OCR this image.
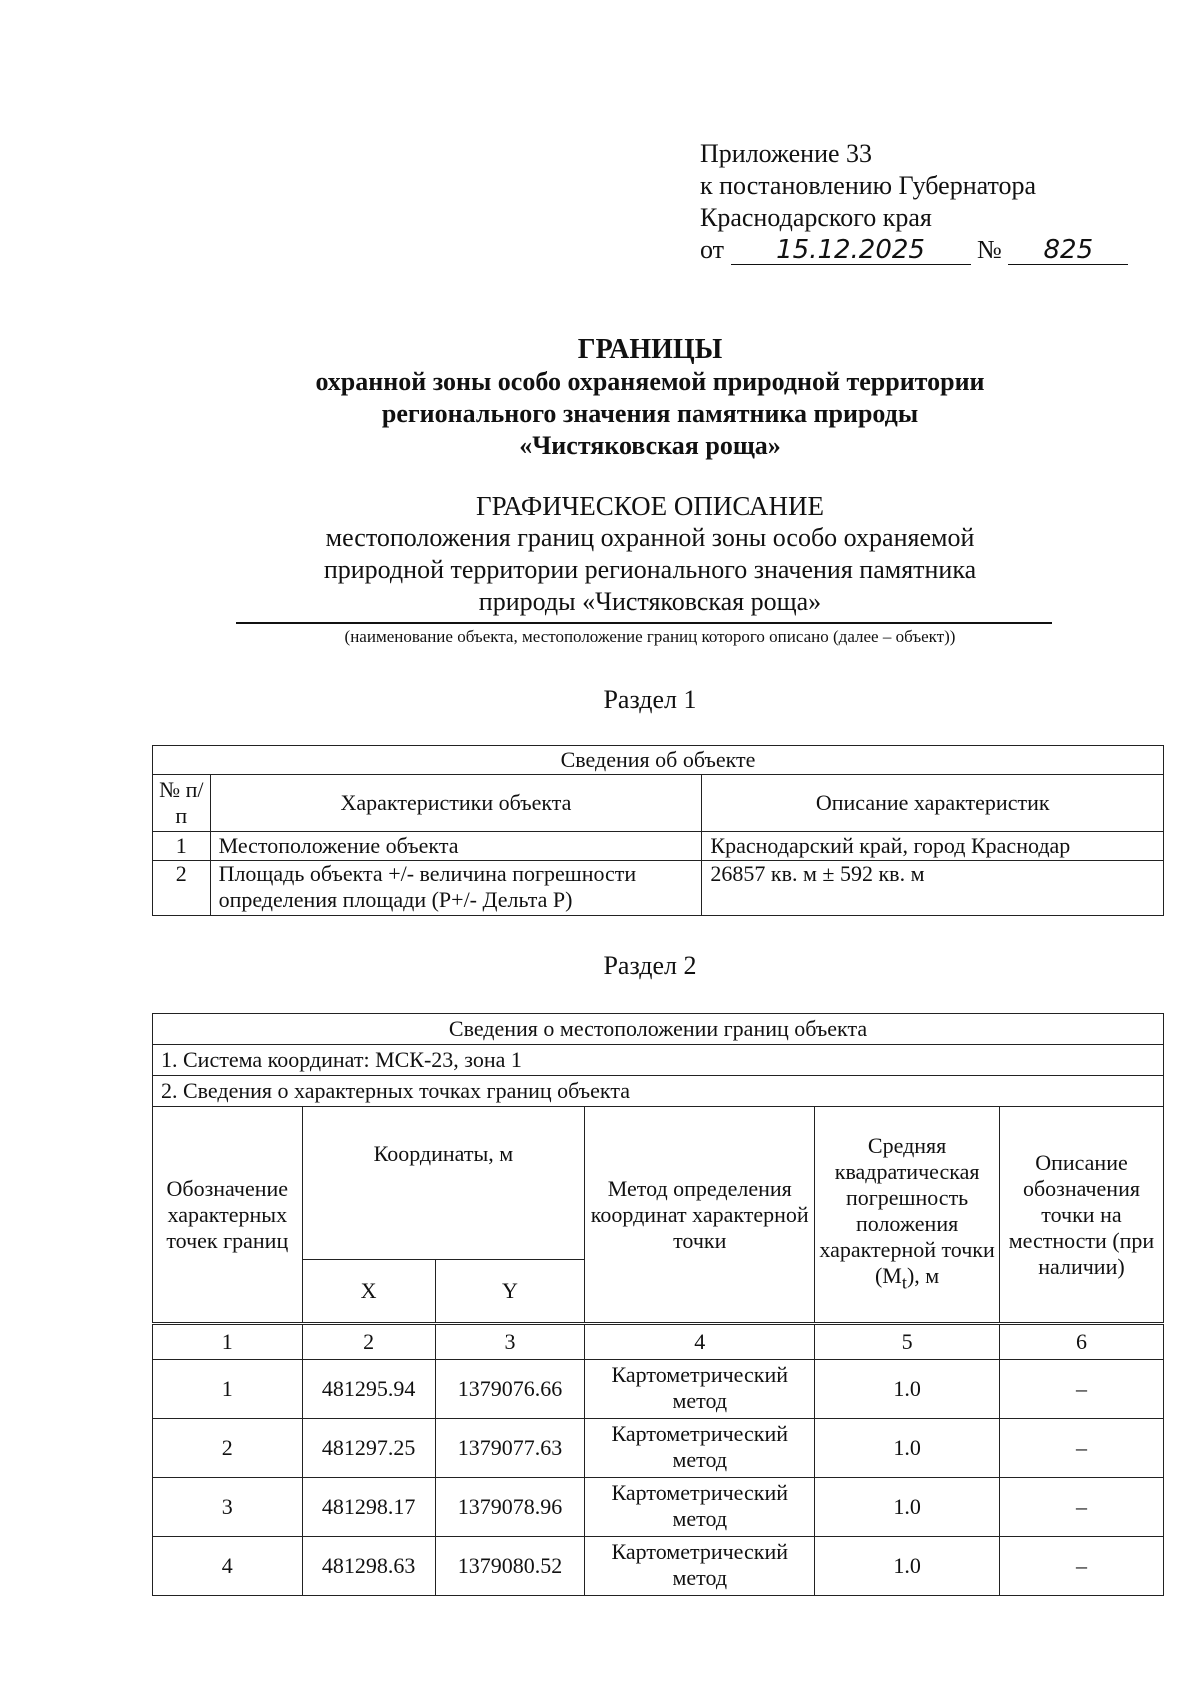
Приложение 33
к постановлению Губернатора
Краснодарского края
от 15.12.2025 № 825
ГРАНИЦЫ
охранной зоны особо охраняемой природной территории
регионального значения памятника природы
«Чистяковская роща»
ГРАФИЧЕСКОЕ ОПИСАНИЕ
местоположения границ охранной зоны особо охраняемой
природной территории регионального значения памятника
природы «Чистяковская роща»
(наименование объекта, местоположение границ которого описано (далее – объект))
Раздел 1
Сведения об объекте		
№ п/п	Характеристики объекта	Описание характеристик
1	Местоположение объекта	Краснодарский край, город Краснодар
2	Площадь объекта +/- величина погрешности определения площади (P+/- Дельта P)	26857 кв. м ± 592 кв. м
Раздел 2
Сведения о местоположении границ объекта					
1. Система координат: МСК-23, зона 1					
2. Сведения о характерных точках границ объекта					
Обозначение характерных точек границ	Координаты, м		Метод определения координат характерной точки	Средняя квадратическая погрешность положения характерной точки $(M_t)$, м	Описание обозначения точки на местности (при наличии)
	X	Y			
1	2	3	4	5	6
1	481295.94	1379076.66	Картометрический метод	1.0	–
2	481297.25	1379077.63	Картометрический метод	1.0	–
3	481298.17	1379078.96	Картометрический метод	1.0	–
4	481298.63	1379080.52	Картометрический метод	1.0	–
